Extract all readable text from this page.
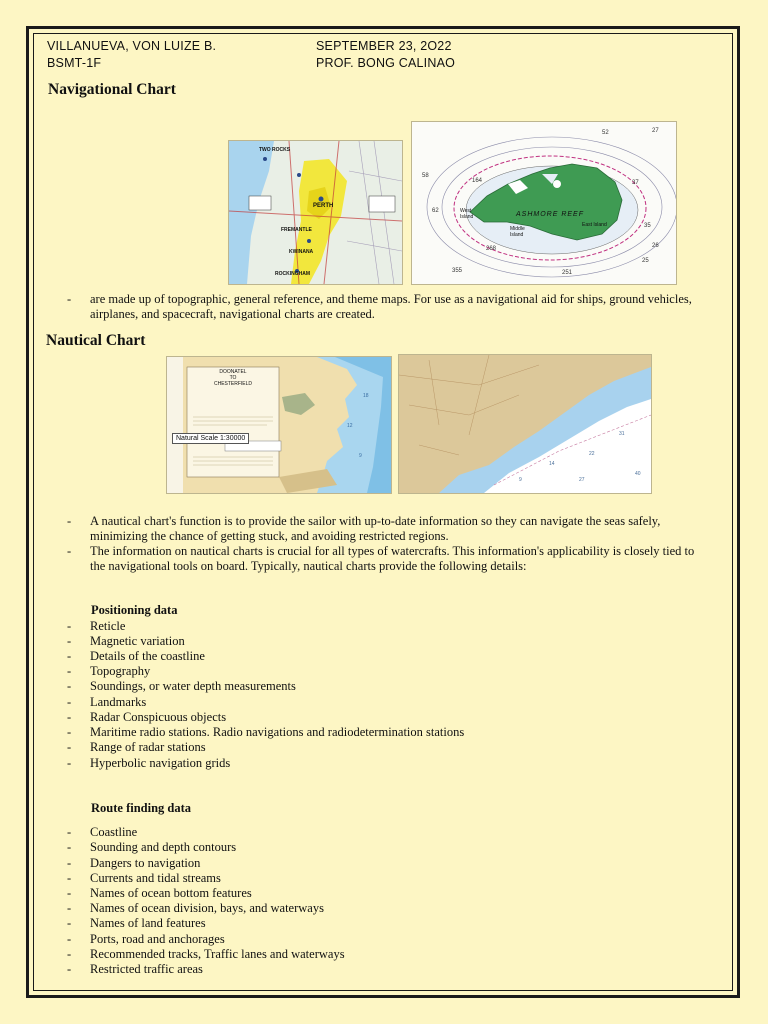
VILLANUEVA, VON LUIZE B.
BSMT-1F
SEPTEMBER 23, 2O22
PROF. BONG CALINAO
Navigational Chart
TWO ROCKS
PERTH
FREMANTLE
KWINANA
ROCKINGHAM
52	27
164
62
37
35
268
251
355
25
26
58
ASHMORE REEF
West Island
Middle Island
East Island
- are made up of topographic, general reference, and theme maps. For use as a navigational aid for ships, ground vehicles, airplanes, and spacecraft, navigational charts are created.
Nautical Chart
12
18
9
DOONATEL
TO
CHESTERFIELD
Natural Scale 1:30000
14
22
31
9
40
27
- A nautical chart's function is to provide the sailor with up-to-date information so they can navigate the seas safely, minimizing the chance of getting stuck, and avoiding restricted regions.
- The information on nautical charts is crucial for all types of watercrafts. This information's applicability is closely tied to the navigational tools on board. Typically, nautical charts provide the following details:
Positioning data
- Reticle
- Magnetic variation
- Details of the coastline
- Topography
- Soundings, or water depth measurements
- Landmarks
- Radar Conspicuous objects
- Maritime radio stations. Radio navigations and radiodetermination stations
- Range of radar stations
- Hyperbolic navigation grids
Route finding data
- Coastline
- Sounding and depth contours
- Dangers to navigation
- Currents and tidal streams
- Names of ocean bottom features
- Names of ocean division, bays, and waterways
- Names of land features
- Ports, road and anchorages
- Recommended tracks, Traffic lanes and waterways
- Restricted traffic areas
